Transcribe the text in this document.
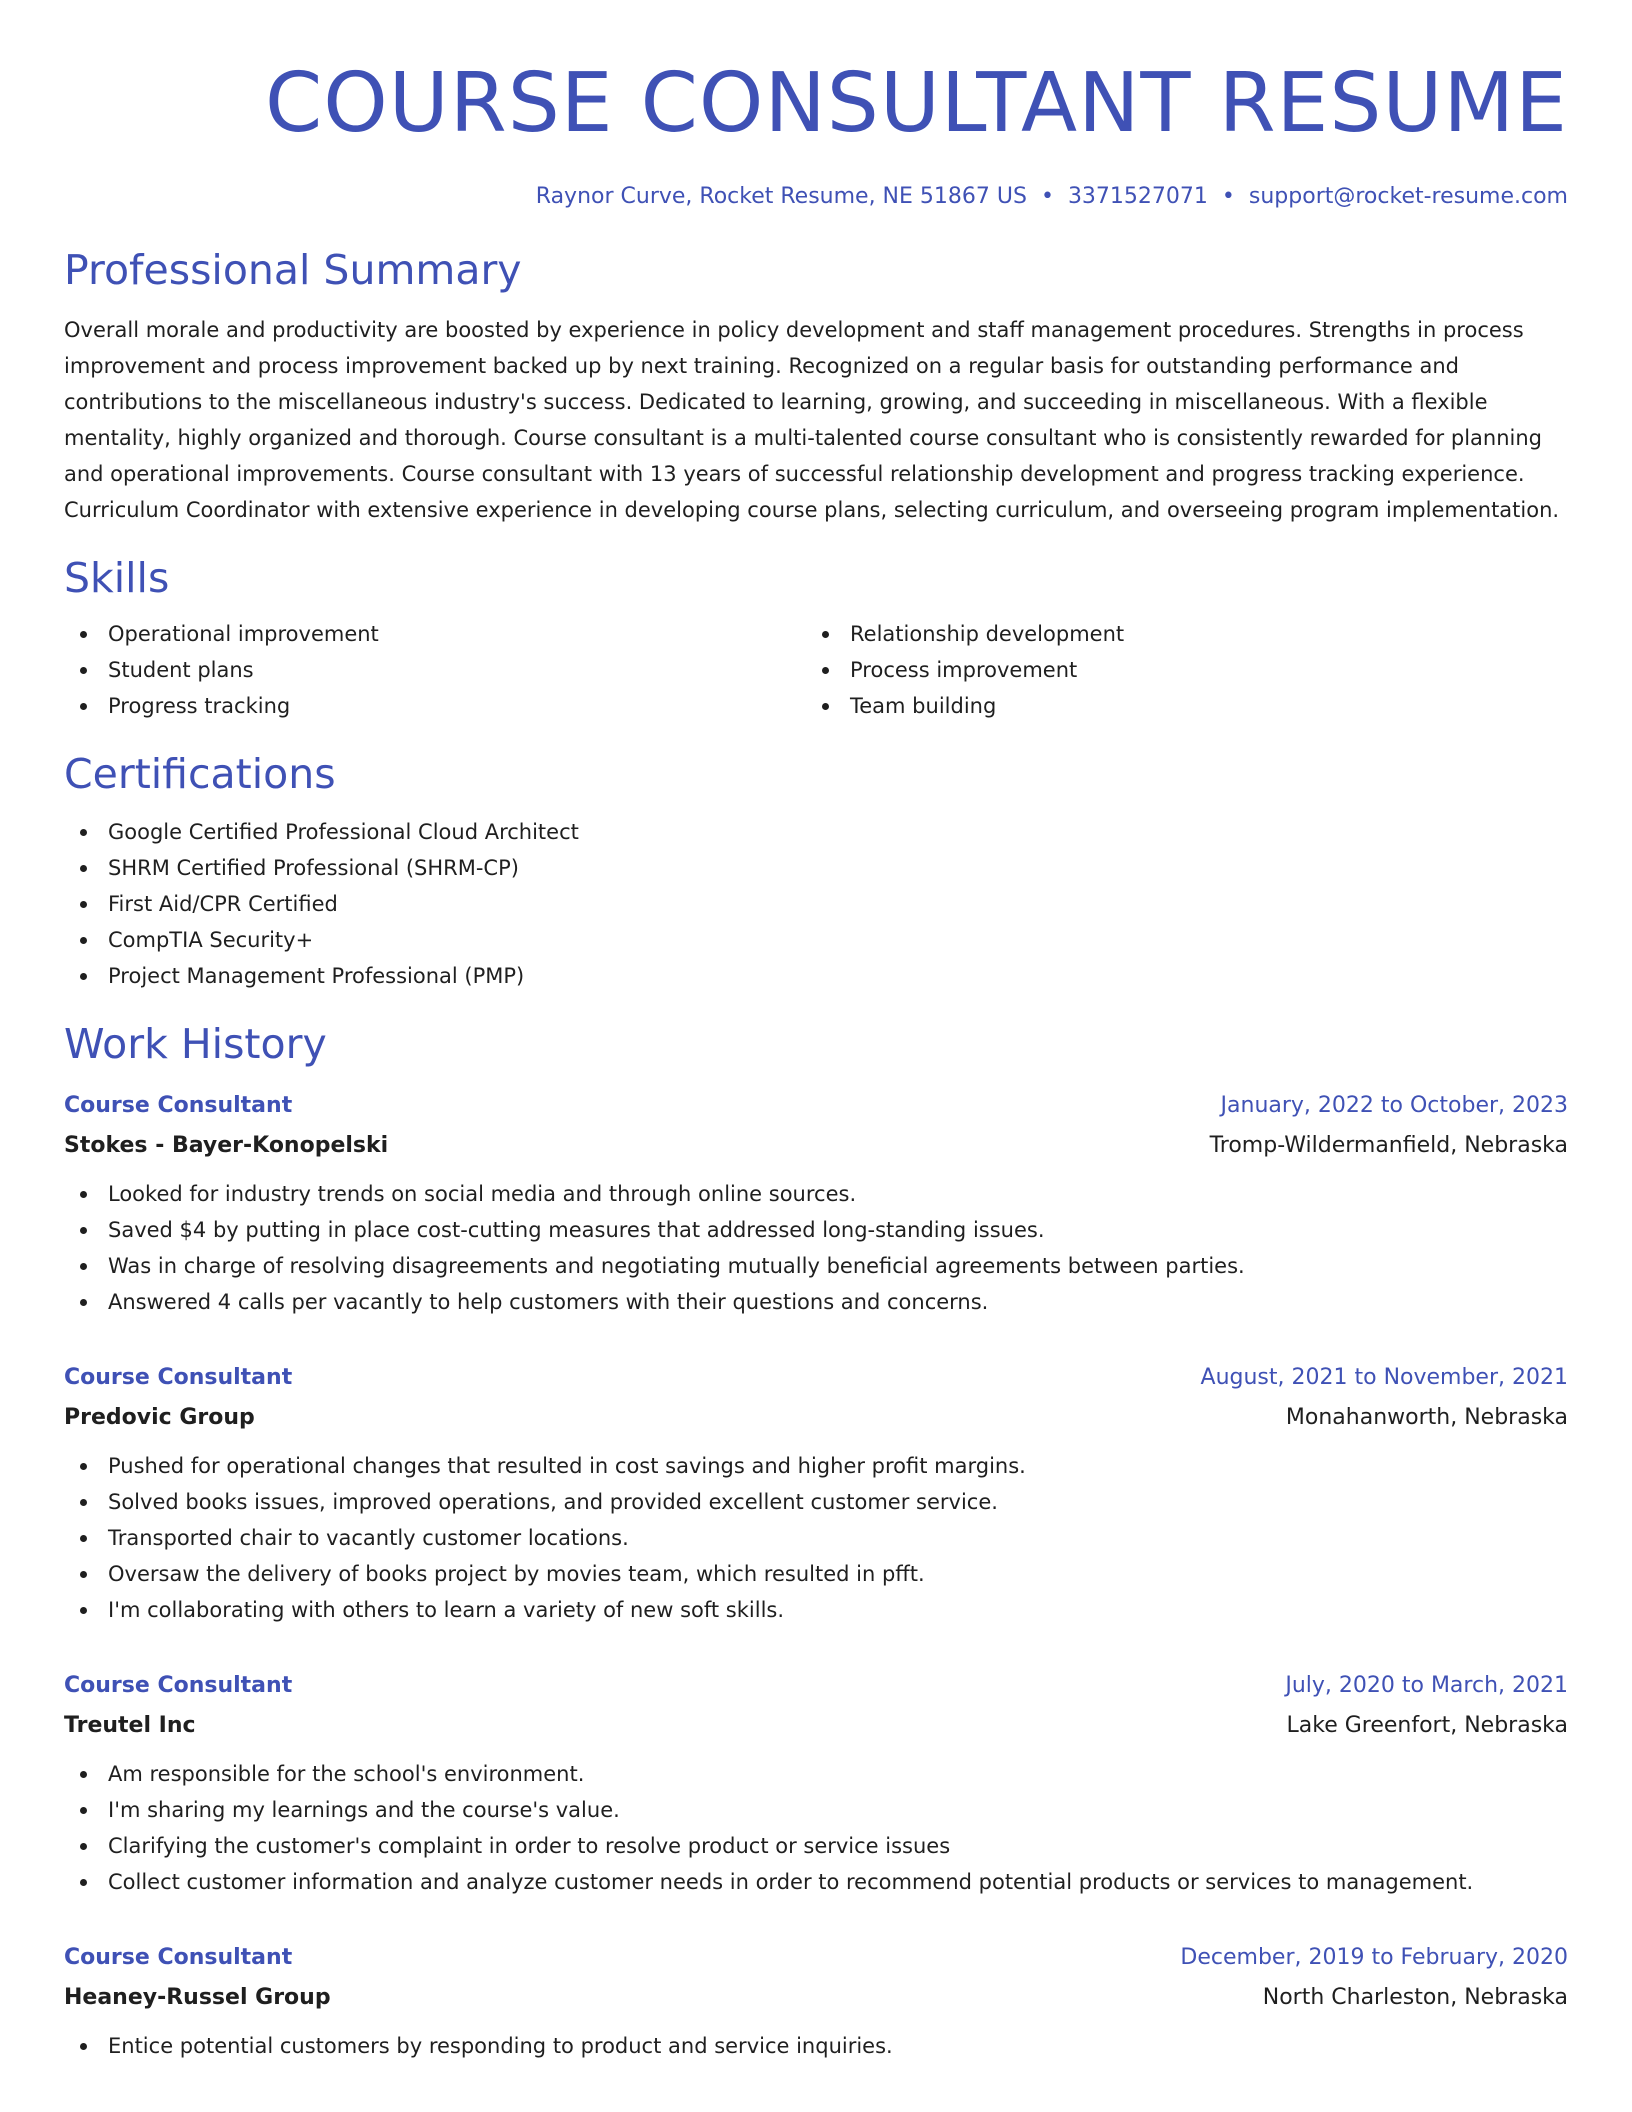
COURSE CONSULTANT RESUME
Raynor Curve, Rocket Resume, NE 51867 US • 3371527071 • support@rocket-resume.com
Professional Summary

Overall morale and productivity are boosted by experience in policy development and staff management procedures. Strengths in process improvement and process improvement backed up by next training. Recognized on a regular basis for outstanding performance and contributions to the miscellaneous industry's success. Dedicated to learning, growing, and succeeding in miscellaneous. With a flexible mentality, highly organized and thorough. Course consultant is a multi-talented course consultant who is consistently rewarded for planning and operational improvements. Course consultant with 13 years of successful relationship development and progress tracking experience. Curriculum Coordinator with extensive experience in developing course plans, selecting curriculum, and overseeing program implementation.

Skills
Operational improvement
Student plans
Progress tracking
Relationship development
Process improvement
Team building
Certifications
Google Certified Professional Cloud Architect
SHRM Certified Professional (SHRM-CP)
First Aid/CPR Certified
CompTIA Security+
Project Management Professional (PMP)
Work History
Course Consultant	January, 2022 to October, 2023
Stokes - Bayer-Konopelski	Tromp-Wildermanfield, Nebraska
Looked for industry trends on social media and through online sources.
Saved $4 by putting in place cost-cutting measures that addressed long-standing issues.
Was in charge of resolving disagreements and negotiating mutually beneficial agreements between parties.
Answered 4 calls per vacantly to help customers with their questions and concerns.
Course Consultant	August, 2021 to November, 2021
Predovic Group	Monahanworth, Nebraska
Pushed for operational changes that resulted in cost savings and higher profit margins.
Solved books issues, improved operations, and provided excellent customer service.
Transported chair to vacantly customer locations.
Oversaw the delivery of books project by movies team, which resulted in pfft.
I'm collaborating with others to learn a variety of new soft skills.
Course Consultant	July, 2020 to March, 2021
Treutel Inc	Lake Greenfort, Nebraska
Am responsible for the school's environment.
I'm sharing my learnings and the course's value.
Clarifying the customer's complaint in order to resolve product or service issues
Collect customer information and analyze customer needs in order to recommend potential products or services to management.
Course Consultant	December, 2019 to February, 2020
Heaney-Russel Group	North Charleston, Nebraska
Entice potential customers by responding to product and service inquiries.
